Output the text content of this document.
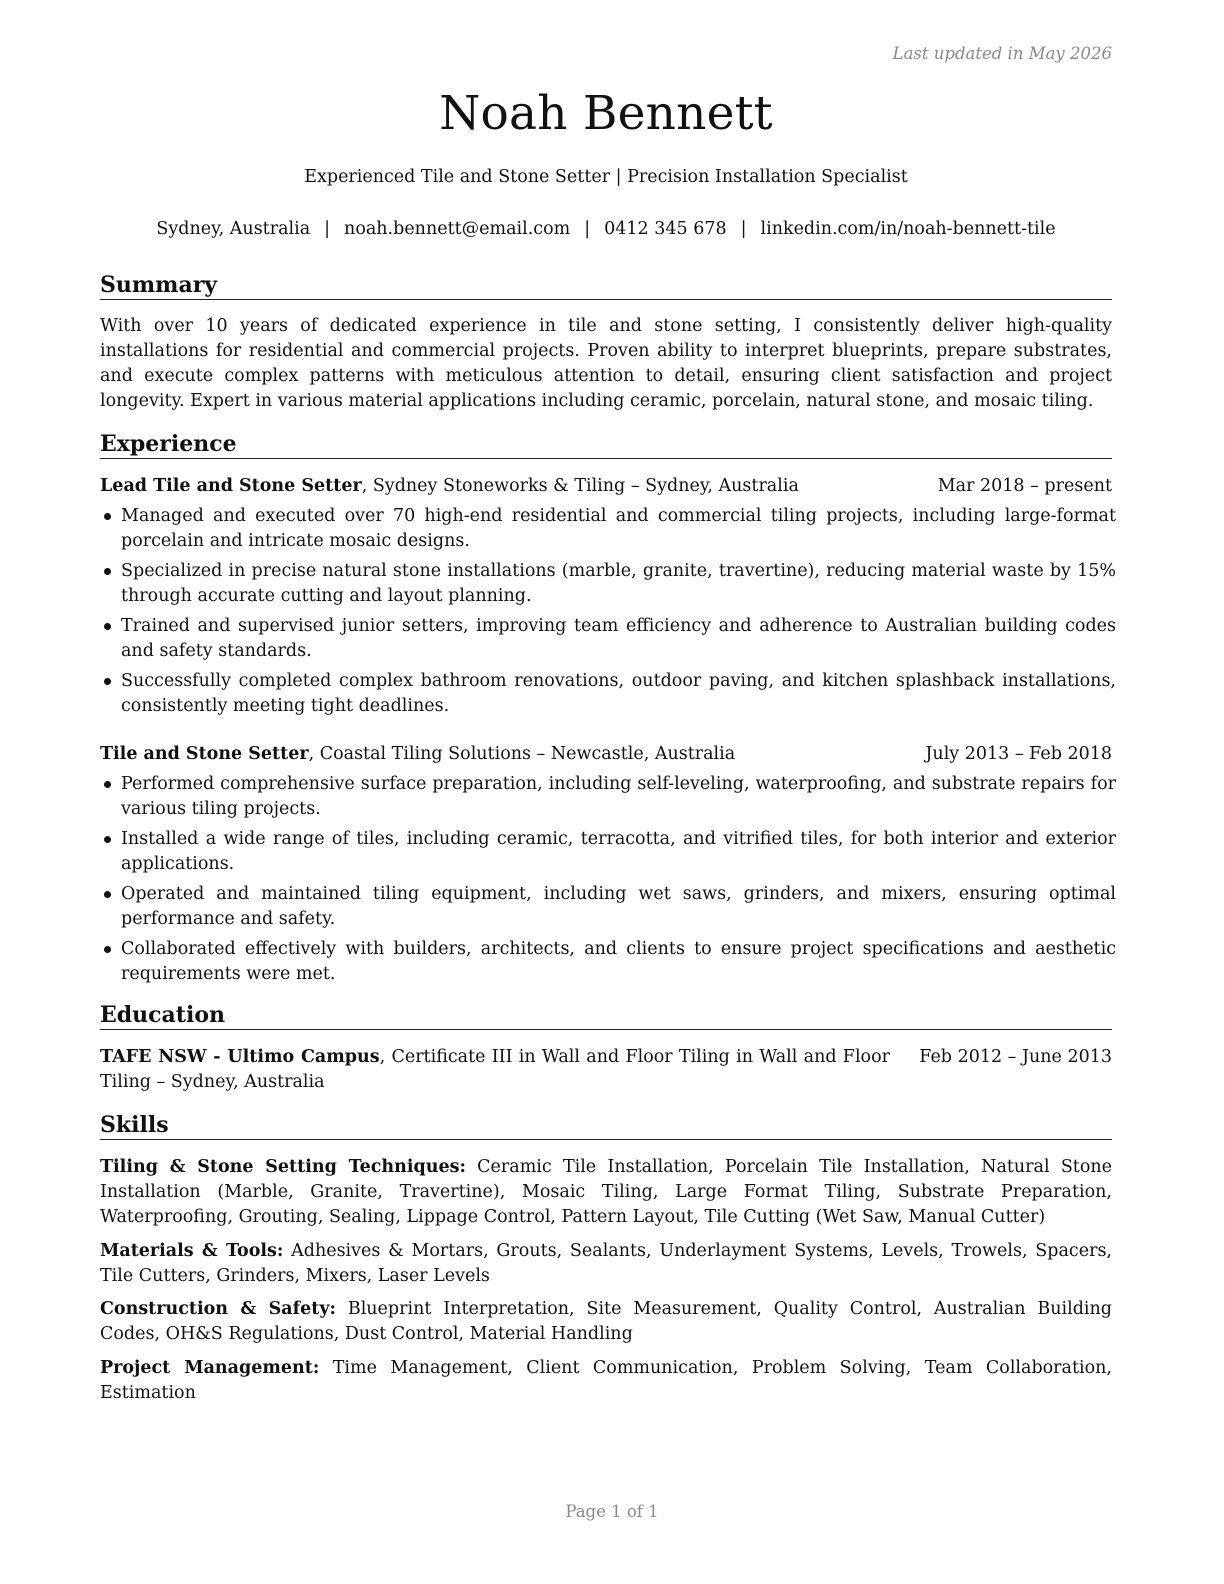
Last updated in May 2026
Noah Bennett
Experienced Tile and Stone Setter | Precision Installation Specialist
Sydney, Australia | noah.bennett@email.com | 0412 345 678 | linkedin.com/in/noah-bennett-tile
Summary
With over 10 years of dedicated experience in tile and stone setting, I consistently deliver high-quality installations for residential and commercial projects. Proven ability to interpret blueprints, prepare substrates, and execute complex patterns with meticulous attention to detail, ensuring client satisfaction and project longevity. Expert in various material applications including ceramic, porcelain, natural stone, and mosaic tiling.
Experience
Lead Tile and Stone Setter, Sydney Stoneworks & Tiling – Sydney, Australia	Mar 2018 – present
Managed and executed over 70 high-end residential and commercial tiling projects, including large-format porcelain and intricate mosaic designs.
Specialized in precise natural stone installations (marble, granite, travertine), reducing material waste by 15% through accurate cutting and layout planning.
Trained and supervised junior setters, improving team efficiency and adherence to Australian building codes and safety standards.
Successfully completed complex bathroom renovations, outdoor paving, and kitchen splashback installations, consistently meeting tight deadlines.
Tile and Stone Setter, Coastal Tiling Solutions – Newcastle, Australia	July 2013 – Feb 2018
Performed comprehensive surface preparation, including self-leveling, waterproofing, and substrate repairs for various tiling projects.
Installed a wide range of tiles, including ceramic, terracotta, and vitrified tiles, for both interior and exterior applications.
Operated and maintained tiling equipment, including wet saws, grinders, and mixers, ensuring optimal performance and safety.
Collaborated effectively with builders, architects, and clients to ensure project specifications and aesthetic requirements were met.
Education
TAFE NSW - Ultimo Campus, Certificate III in Wall and Floor Tiling in Wall and Floor Tiling – Sydney, Australia
Feb 2012 – June 2013
Skills
Tiling & Stone Setting Techniques: Ceramic Tile Installation, Porcelain Tile Installation, Natural Stone Installation (Marble, Granite, Travertine), Mosaic Tiling, Large Format Tiling, Substrate Preparation, Waterproofing, Grouting, Sealing, Lippage Control, Pattern Layout, Tile Cutting (Wet Saw, Manual Cutter)
Materials & Tools: Adhesives & Mortars, Grouts, Sealants, Underlayment Systems, Levels, Trowels, Spacers, Tile Cutters, Grinders, Mixers, Laser Levels
Construction & Safety: Blueprint Interpretation, Site Measurement, Quality Control, Australian Building Codes, OH&S Regulations, Dust Control, Material Handling
Project Management: Time Management, Client Communication, Problem Solving, Team Collaboration, Estimation
Page 1 of 1
